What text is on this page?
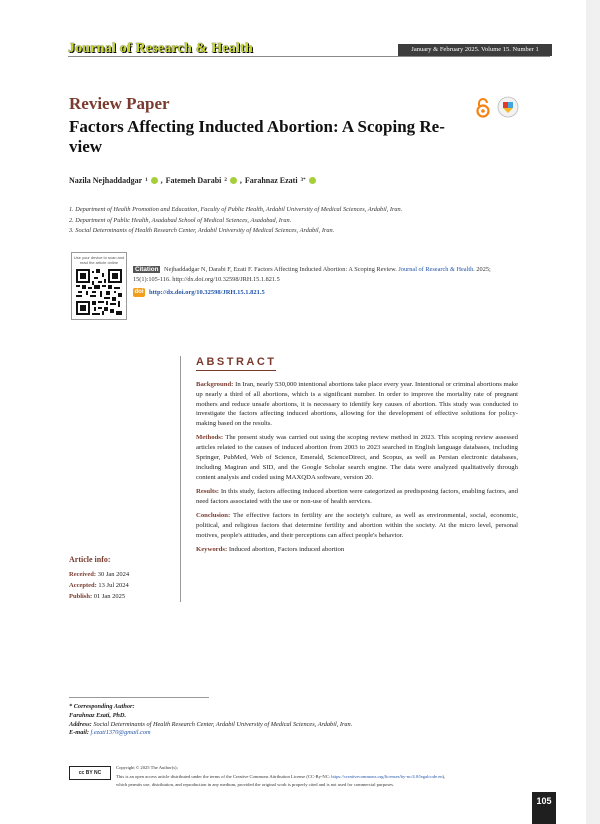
Journal of Research & Health	January & February 2025. Volume 15. Number 1
Review Paper
Factors Affecting Inducted Abortion: A Scoping Re-view
Nazila Nejhaddadgar 1 , Fatemeh Darabi 2 , Farahnaz Ezati 3*
1. Department of Health Promotion and Education, Faculty of Public Health, Ardabil University of Medical Sciences, Ardabil, Iran.
2. Department of Public Health, Asadabad School of Medical Sciences, Asadabad, Iran.
3. Social Determinants of Health Research Center, Ardabil University of Medical Sciences, Ardabil, Iran.
Use your device to scan and read the article online
Citation Nejhaddadgar N, Darabi F, Ezati F. Factors Affecting Inducted Abortion: A Scoping Review. Journal of Research & Health. 2025; 15(1):105-116. http://dx.doi.org/10.32598/JRH.15.1.821.5
doi http://dx.doi.org/10.32598/JRH.15.1.821.5
ABSTRACT

Background: In Iran, nearly 530,000 intentional abortions take place every year. Intentional or criminal abortions make up nearly a third of all abortions, which is a significant number. In order to improve the mortality rate of pregnant mothers and reduce unsafe abortions, it is necessary to identify key causes of abortion. This study was conducted to investigate the factors affecting induced abortions, allowing for the development of effective solutions for policy-making based on the results.

Methods: The present study was carried out using the scoping review method in 2023. This scoping review assessed articles related to the causes of induced abortion from 2003 to 2023 searched in English language databases, including Springer, PubMed, Web of Science, Emerald, ScienceDirect, and Scopus, as well as Persian electronic databases, including Magiran and SID, and the Google Scholar search engine. The data were analyzed qualitatively through content analysis and coded using MAXQDA software, version 20.

Results: In this study, factors affecting induced abortion were categorized as predisposing factors, enabling factors, and need factors associated with the use or non-use of health services.

Conclusion: The effective factors in fertility are the society's culture, as well as environmental, social, economic, political, and religious factors that determine fertility and abortion within the society. At the micro level, personal motives, people's attitudes, and their perceptions can affect people's behavior.

Keywords: Induced abortion, Factors induced abortion

Article info:
Received: 30 Jan 2024
Accepted: 13 Jul 2024
Publish: 01 Jan 2025
* Corresponding Author:
Farahnaz Ezati, PhD.
Address: Social Determinants of Health Research Center, Ardabil University of Medical Sciences, Ardabil, Iran.
E-mail: f.ezati1370@gmail.com
cc BY NC
Copyright © 2025 The Author(s);
This is an open access article distributed under the terms of the Creative Commons Attribution License (CC-By-NC: https://creativecommons.org/licenses/by-nc/4.0/legalcode.en),
which permits use, distribution, and reproduction in any medium, provided the original work is properly cited and is not used for commercial purposes.
105
